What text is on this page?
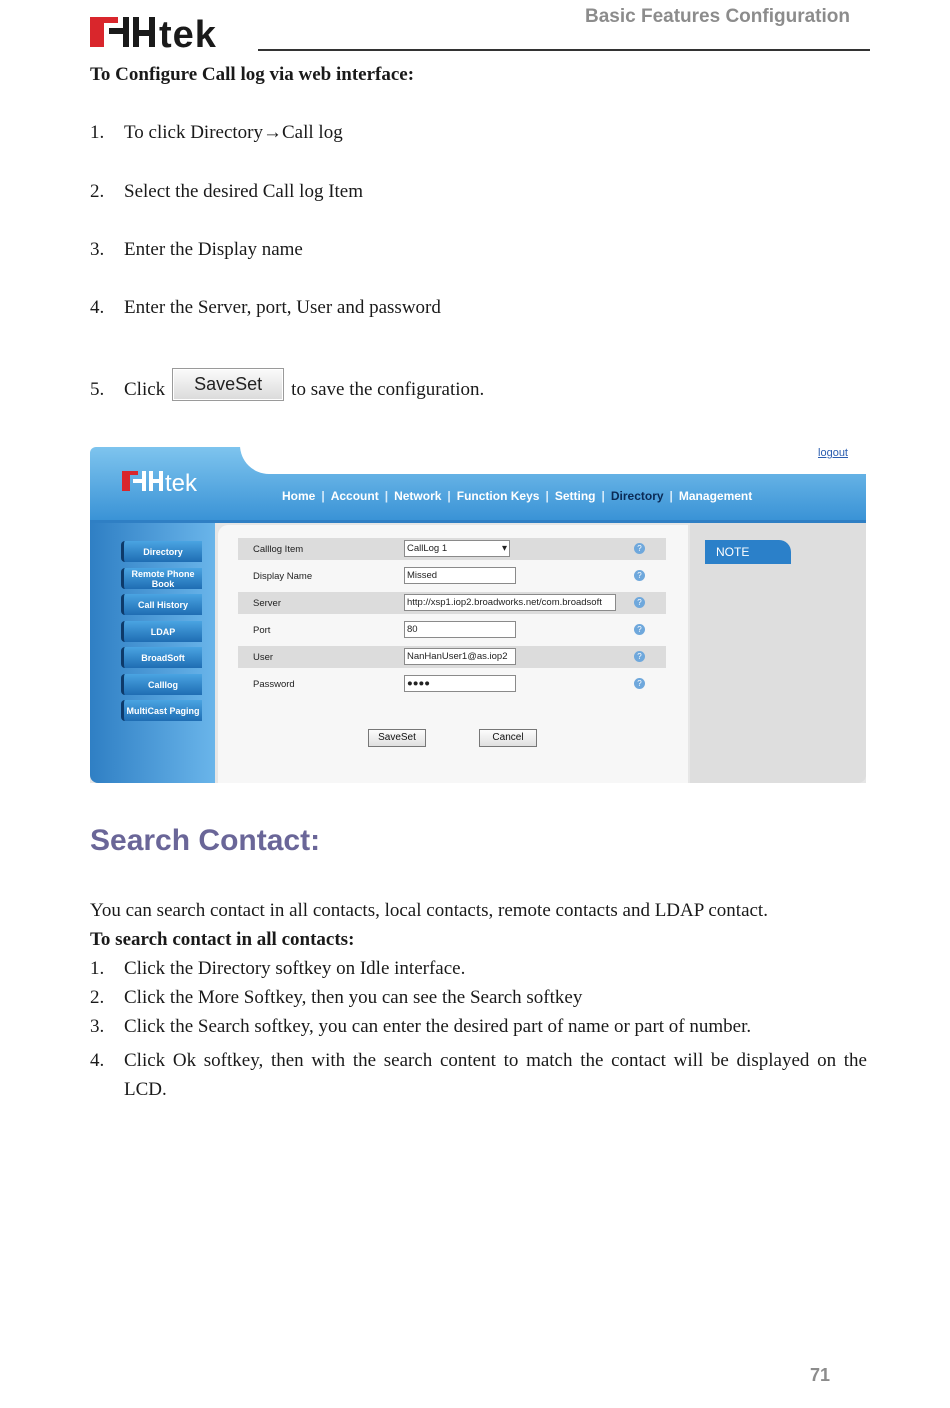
tek	Basic Features Configuration
To Configure Call log via web interface:
1. To click Directory→Call log
2. Select the desired Call log Item
3. Enter the Display name
4. Enter the Server, port, User and password
5. Click SaveSet to save the configuration.
tek
logout
Home | Account | Network | Function Keys | Setting | Directory | Management
Directory
Remote Phone Book
Call History
LDAP
BroadSoft
Calllog
MultiCast Paging
Calllog Item	CallLog 1 ▾	?
Display Name	Missed	?
Server	http://xsp1.iop2.broadworks.net/com.broadsoft	?
Port	80	?
User	NanHanUser1@as.iop2	?
Password	●●●●	?
SaveSet	Cancel
NOTE
Search Contact:
You can search contact in all contacts, local contacts, remote contacts and LDAP contact.
To search contact in all contacts:
1. Click the Directory softkey on Idle interface.
2. Click the More Softkey, then you can see the Search softkey
3. Click the Search softkey, you can enter the desired part of name or part of number.
4. Click Ok softkey, then with the search content to match the contact will be displayed on the LCD.
71
